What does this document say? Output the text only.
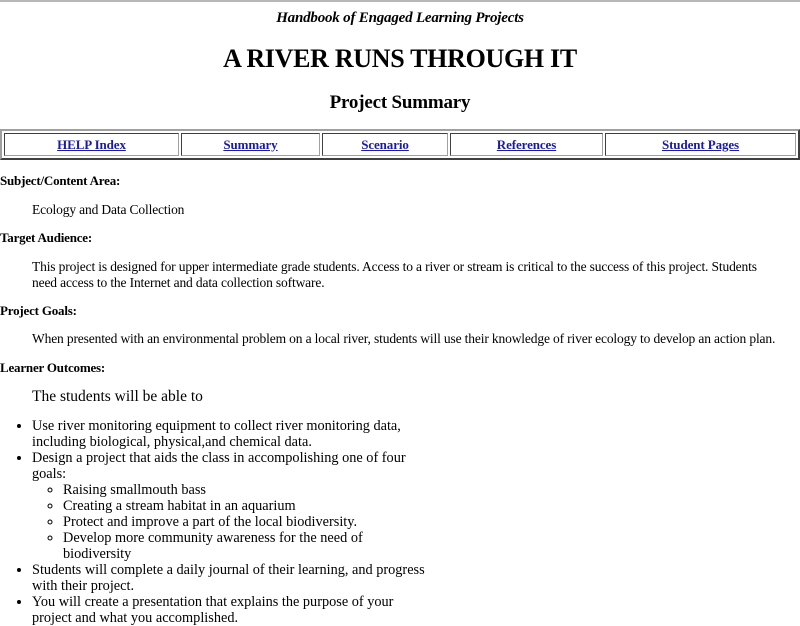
Handbook of Engaged Learning Projects
A RIVER RUNS THROUGH IT
Project Summary
HELP Index	Summary	Scenario	References	Student Pages
Subject/Content Area:
Ecology and Data Collection
Target Audience:
This project is designed for upper intermediate grade students. Access to a river or stream is critical to the success of this project. Students need access to the Internet and data collection software.
Project Goals:
When presented with an environmental problem on a local river, students will use their knowledge of river ecology to develop an action plan.
Learner Outcomes:
The students will be able to
• Use river monitoring equipment to collect river monitoring data, including biological, physical,and chemical data.
• Design a project that aids the class in accompolishing one of four goals:
◦ Raising smallmouth bass
◦ Creating a stream habitat in an aquarium
◦ Protect and improve a part of the local biodiversity.
◦ Develop more community awareness for the need of biodiversity
• Students will complete a daily journal of their learning, and progress with their project.
• You will create a presentation that explains the purpose of your project and what you accomplished.
